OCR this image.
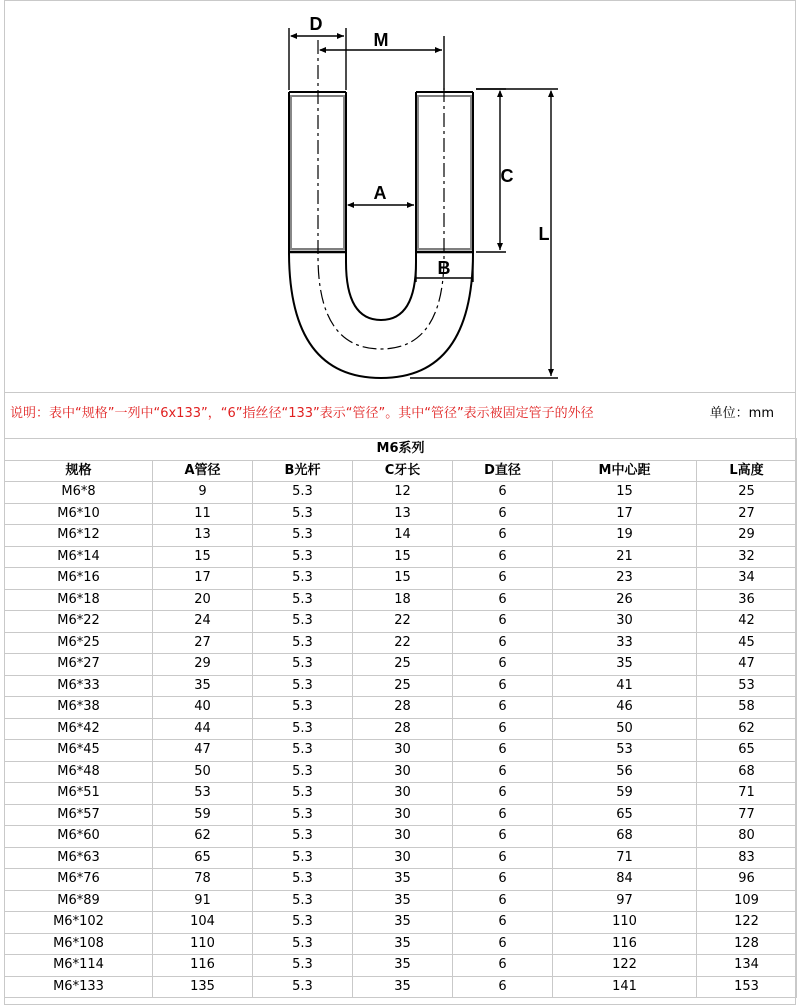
D
M
A
B
C
L
说明：表中“规格”一列中“6x133”，“6”指丝径“133”表示“管径”。其中“管径”表示被固定管子的外径	单位：mm
M6系列						
规格	A管径	B光杆	C牙长	D直径	M中心距	L高度
M6*8	9	5.3	12	6	15	25
M6*10	11	5.3	13	6	17	27
M6*12	13	5.3	14	6	19	29
M6*14	15	5.3	15	6	21	32
M6*16	17	5.3	15	6	23	34
M6*18	20	5.3	18	6	26	36
M6*22	24	5.3	22	6	30	42
M6*25	27	5.3	22	6	33	45
M6*27	29	5.3	25	6	35	47
M6*33	35	5.3	25	6	41	53
M6*38	40	5.3	28	6	46	58
M6*42	44	5.3	28	6	50	62
M6*45	47	5.3	30	6	53	65
M6*48	50	5.3	30	6	56	68
M6*51	53	5.3	30	6	59	71
M6*57	59	5.3	30	6	65	77
M6*60	62	5.3	30	6	68	80
M6*63	65	5.3	30	6	71	83
M6*76	78	5.3	35	6	84	96
M6*89	91	5.3	35	6	97	109
M6*102	104	5.3	35	6	110	122
M6*108	110	5.3	35	6	116	128
M6*114	116	5.3	35	6	122	134
M6*133	135	5.3	35	6	141	153
